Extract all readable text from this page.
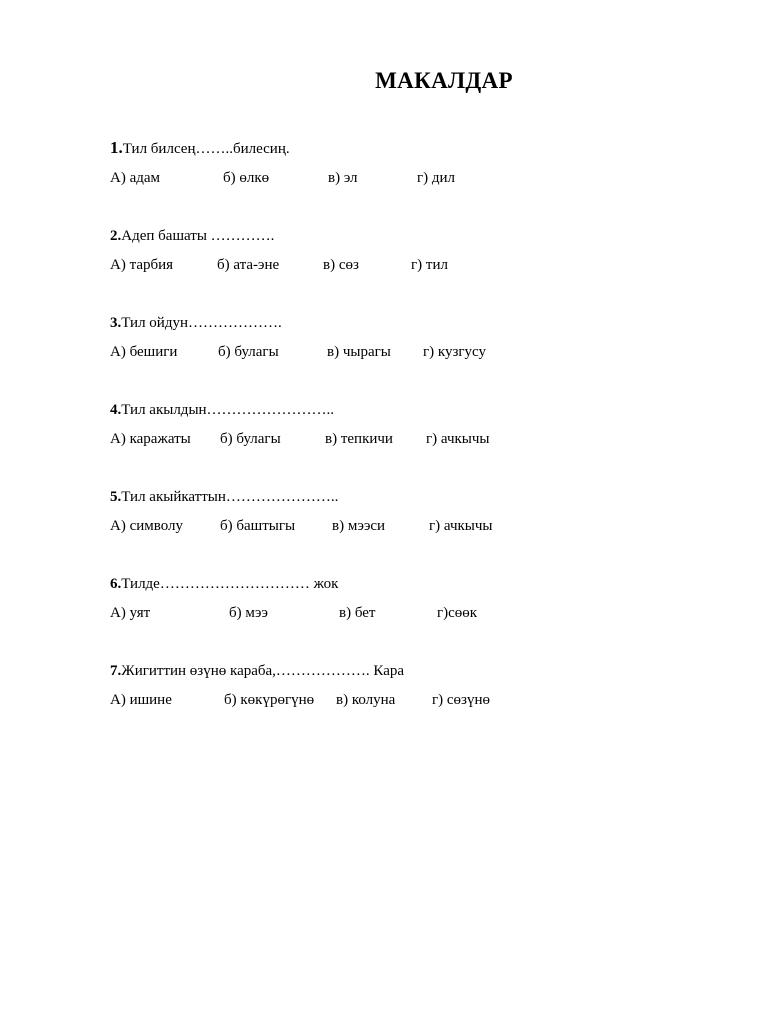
МАКАЛДАР
1.Тил билсең……..билесиң.
А) адам	б) өлкө	в) эл	г) дил
2.Адеп башаты ………….
А) тарбия	б) ата-эне	в) сөз	г) тил
3.Тил ойдун……………….
А) бешиги	б) булагы	в) чырагы г) кузгусу
4.Тил акылдын……………………..
А) каражаты б) булагы	в) тепкичи г) ачкычы
5.Тил акыйкаттын…………………..
А) символу б) баштыгы в) мээси	г) ачкычы
6.Тилде………………………… жок
А) уят	б) мээ	в) бет	г)сөөк
7.Жигиттин өзүнө караба,………………. Кара
А) ишине	б) көкүрөгүнө в) колуна г) сөзүнө
